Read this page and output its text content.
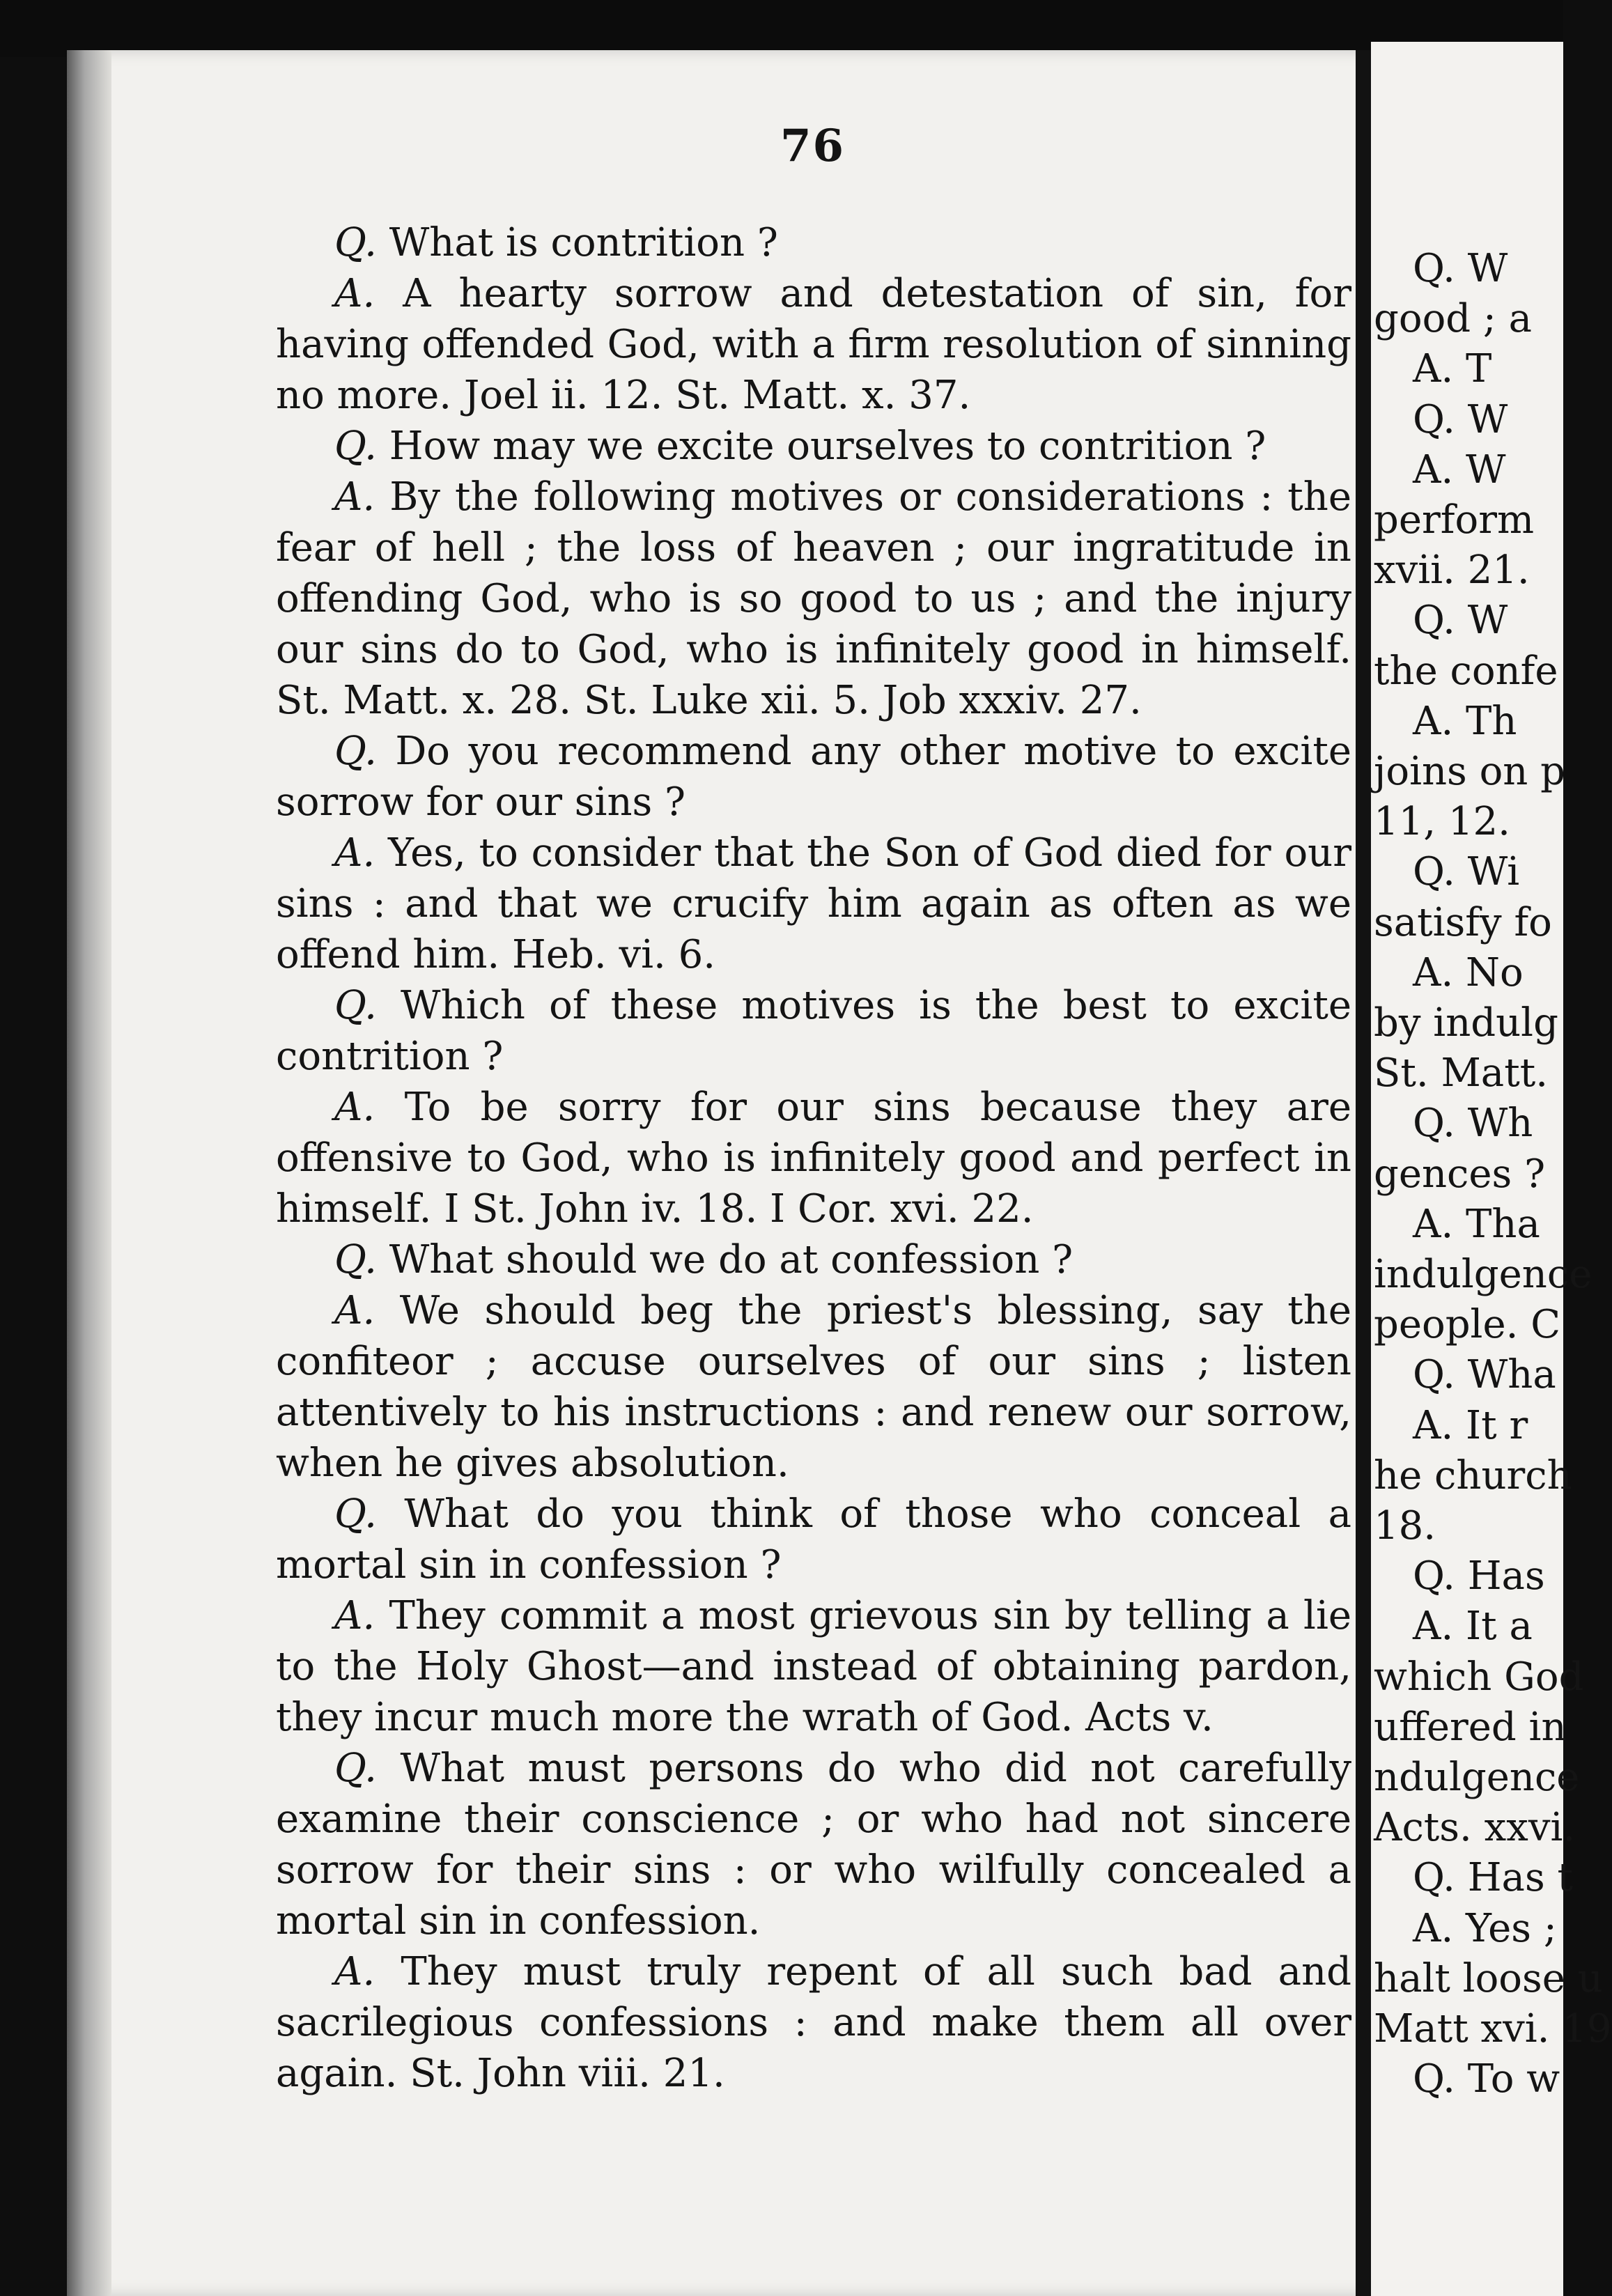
76

Q. What is contrition ?

A. A hearty sorrow and detestation of sin, for having offended God, with a firm resolution of sinning no more. Joel ii. 12. St. Matt. x. 37.

Q. How may we excite ourselves to contrition ?

A. By the following motives or considerations : the fear of hell ; the loss of heaven ; our ingratitude in offending God, who is so good to us ; and the injury our sins do to God, who is infinitely good in himself. St. Matt. x. 28. St. Luke xii. 5. Job xxxiv. 27.

Q. Do you recommend any other motive to excite sorrow for our sins ?

A. Yes, to consider that the Son of God died for our sins : and that we crucify him again as often as we offend him. Heb. vi. 6.

Q. Which of these motives is the best to excite contrition ?

A. To be sorry for our sins because they are offensive to God, who is infinitely good and perfect in himself. I St. John iv. 18. I Cor. xvi. 22.

Q. What should we do at confession ?

A. We should beg the priest's blessing, say the confiteor ; accuse ourselves of our sins ; listen attentively to his instructions : and renew our sorrow, when he gives absolution.

Q. What do you think of those who conceal a mortal sin in confession ?

A. They commit a most grievous sin by telling a lie to the Holy Ghost—and instead of obtaining pardon, they incur much more the wrath of God. Acts v.

Q. What must persons do who did not carefully examine their conscience ; or who had not sincere sorrow for their sins : or who wilfully concealed a mortal sin in confession.

A. They must truly repent of all such bad and sacrilegious confessions : and make them all over again. St. John viii. 21.

Q. W
good ; a
A. T
Q. W
A. W
perform
xvii. 21.
Q. W
the confe
A. Th
joins on p
11, 12.
Q. Wi
satisfy fo
A. No
by indulg
St. Matt.
Q. Wh
gences ?
A. Tha
indulgence
people. C
Q. Wha
A. It r
he church
18.
Q. Has
A. It a
which God
uffered in
ndulgence
Acts. xxvi.
Q. Has t
A. Yes ;
halt loose u
Matt xvi. 19
Q. To w
